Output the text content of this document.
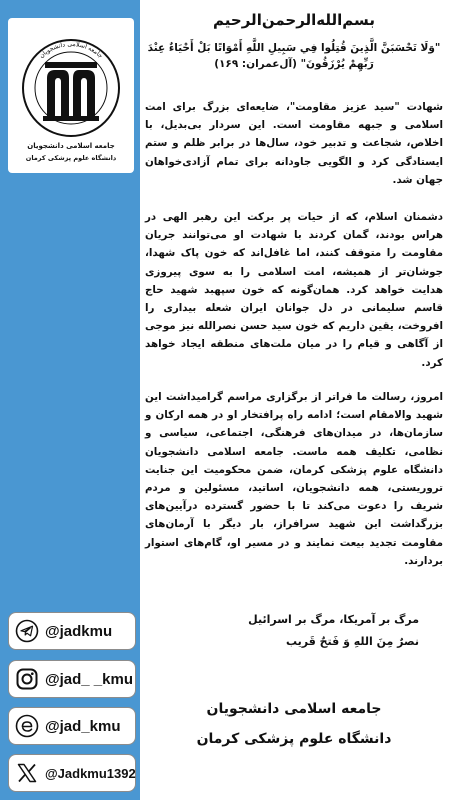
جامعه اسلامی دانشجویان
جامعه اسلامی دانشجویان
دانشگاه علوم پزشکی کرمان
@jadkmu
@jad_ _kmu
@jad_kmu
@Jadkmu1392
بسم‌الله‌الرحمن‌الرحیم
"وَلَا تَحْسَبَنَّ الَّذِينَ قُتِلُوا فِي سَبِيلِ اللَّهِ أَمْوَاتًا بَلْ أَحْيَاءٌ عِنْدَ رَبِّهِمْ يُرْزَقُونَ" (آل‌عمران: ۱۶۹)
شهادت "سید عزیز مقاومت"، ضایعه‌ای بزرگ برای امت اسلامی و جبهه مقاومت است. این سردار بی‌بدیل، با اخلاص، شجاعت و تدبیر خود، سال‌ها در برابر ظلم و ستم ایستادگی کرد و الگویی جاودانه برای تمام آزادی‌خواهان جهان شد.
دشمنان اسلام، که از حیات پر برکت این رهبر الهی در هراس بودند، گمان کردند با شهادت او می‌توانند جریان مقاومت را متوقف کنند، اما غافل‌اند که خون پاک شهدا، جوشان‌تر از همیشه، امت اسلامی را به سوی پیروزی هدایت خواهد کرد. همان‌گونه که خون سپهبد شهید حاج قاسم سلیمانی در دل جوانان ایران شعله بیداری را افروخت، یقین داریم که خون سید حسن نصرالله نیز موجی از آگاهی و قیام را در میان ملت‌های منطقه ایجاد خواهد کرد.
امروز، رسالت ما فراتر از برگزاری مراسم گرامیداشت این شهید والامقام است؛ ادامه راه پرافتخار او در همه ارکان و سازمان‌ها، در میدان‌های فرهنگی، اجتماعی، سیاسی و نظامی، تکلیف همه ماست. جامعه اسلامی دانشجویان دانشگاه علوم پزشکی کرمان، ضمن محکومیت این جنایت تروریستی، همه دانشجویان، اساتید، مسئولین و مردم شریف را دعوت می‌کند تا با حضور گسترده درآیین‌های بزرگداشت این شهید سرافراز، بار دیگر با آرمان‌های مقاومت تجدید بیعت نمایند و در مسیر او، گام‌های استوار بردارند.
مرگ بر آمریکا، مرگ بر اسرائیل
نصرٌ مِنَ اللهِ وَ فَتحٌ قَریب
جامعه اسلامی دانشجویان
دانشگاه علوم پزشکی کرمان
